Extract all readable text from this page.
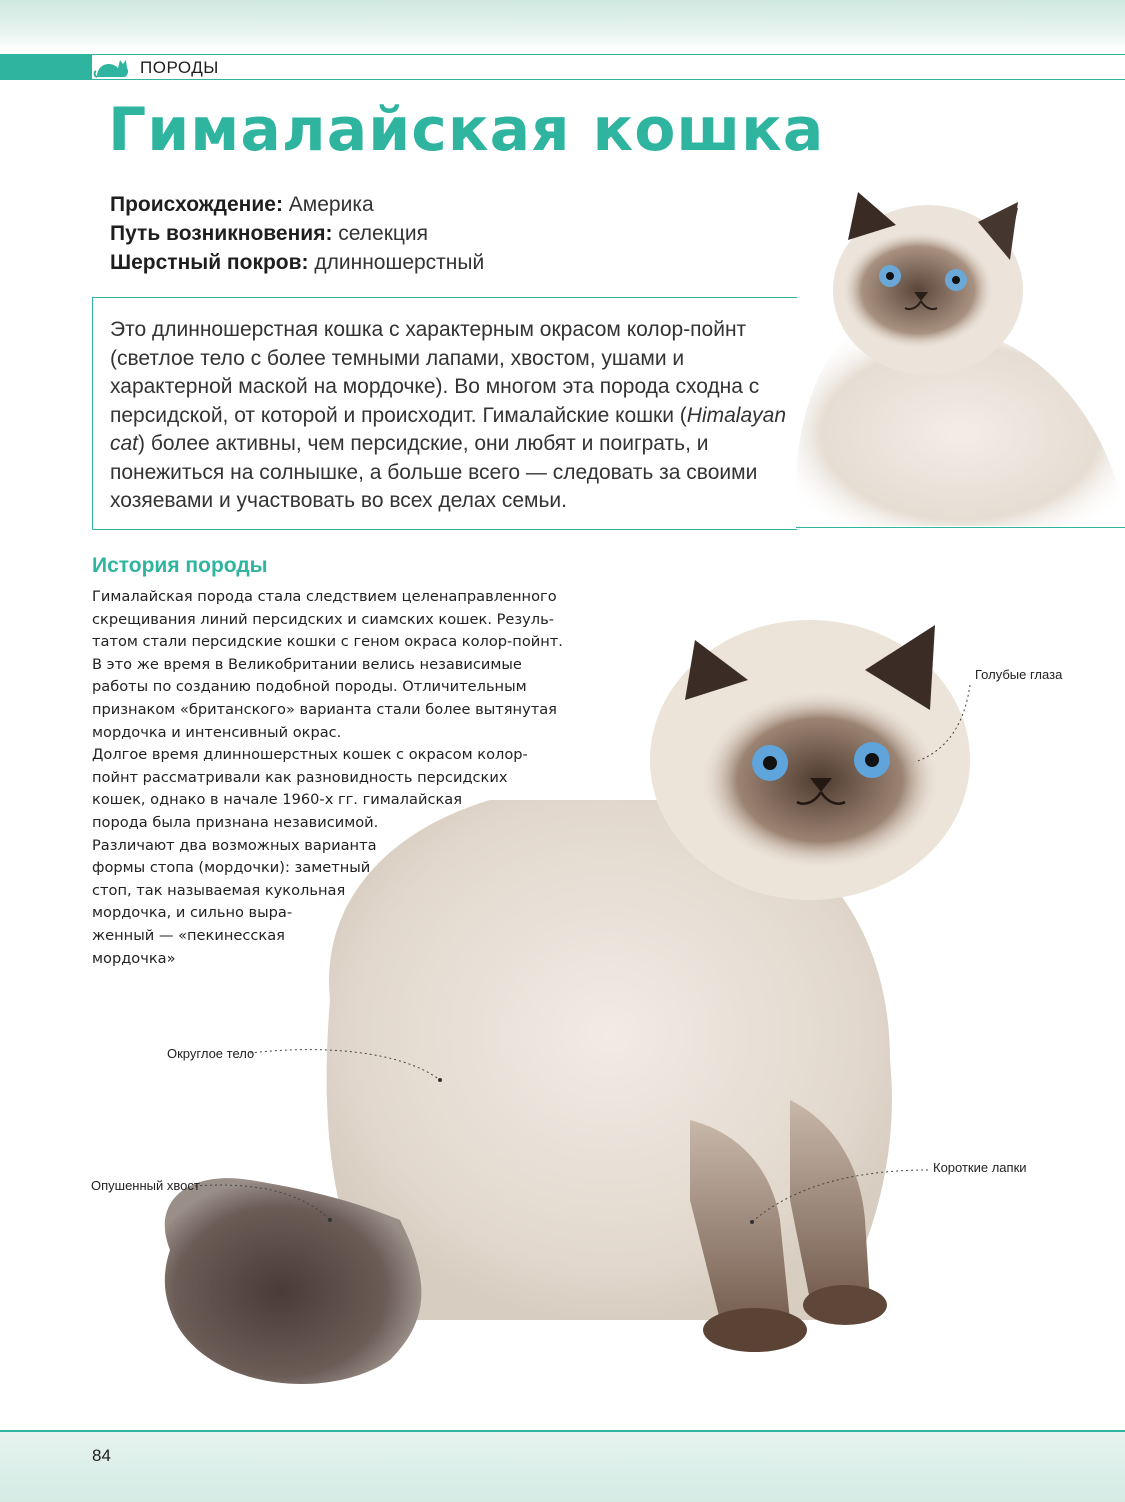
ПОРОДЫ
Гималайская кошка
Происхождение: Америка
Путь возникновения: селекция
Шерстный покров: длинношерстный

Это длинношерстная кошка с характерным окрасом колор-пойнт (светлое тело с более темными лапами, хвостом, ушами и характерной маской на мордочке). Во многом эта порода сходна с персидской, от которой и происходит. Гималайские кошки (Himalayan cat) более активны, чем персидские, они любят и поиграть, и понежиться на солнышке, а больше всего — следовать за своими хозяевами и участвовать во всех делах семьи.

История породы

Гималайская порода стала следствием целенаправленного
скрещивания линий персидских и сиамских кошек. Резуль-
татом стали персидские кошки с геном окраса колор-пойнт.
В это же время в Великобритании велись независимые
работы по созданию подобной породы. Отличительным
признаком «британского» варианта стали более вытянутая
мордочка и интенсивный окрас.
Долгое время длинношерстных кошек с окрасом колор-
пойнт рассматривали как разновидность персидских
кошек, однако в начале 1960-х гг. гималайская
порода была признана независимой.
Различают два возможных варианта
формы стопа (мордочки): заметный
стоп, так называемая кукольная
мордочка, и сильно выра-
женный — «пекинесская
мордочка»

Голубые глаза
Округлое тело
Опушенный хвост
Короткие лапки
84
